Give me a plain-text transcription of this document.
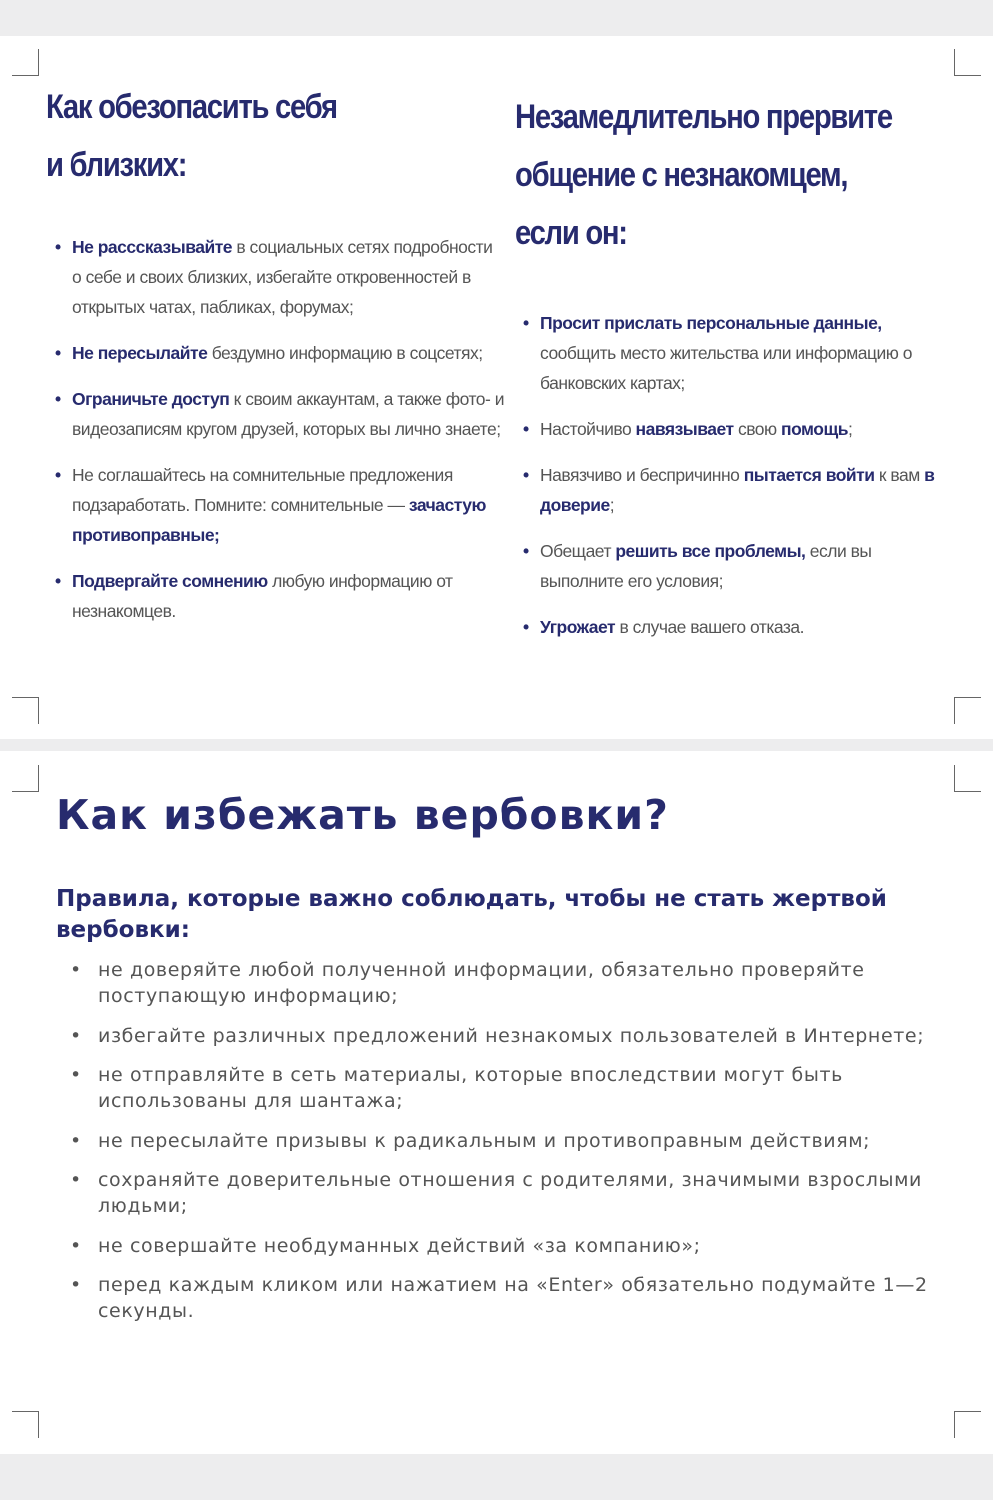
Как обезопасить себя
и близких:
• Не расссказывайте в социальных сетях подробности о себе и своих близких, избегайте откровенностей в открытых чатах, пабликах, форумах;
• Не пересылайте бездумно информацию в соцсетях;
• Ограничьте доступ к своим аккаунтам, а также фото- и видеозаписям кругом друзей, которых вы лично знаете;
• Не соглашайтесь на сомнительные предложения подзаработать. Помните: сомнительные — зачастую противоправные;
• Подвергайте сомнению любую информацию от незнакомцев.
Незамедлительно прервите
общение с незнакомцем,
если он:
• Просит прислать персональные данные, сообщить место жительства или информацию о банковских картах;
• Настойчиво навязывает свою помощь;
• Навязчиво и беспричинно пытается войти к вам в доверие;
• Обещает решить все проблемы, если вы выполните его условия;
• Угрожает в случае вашего отказа.
Как избежать вербовки?
Правила, которые важно соблюдать, чтобы не стать жертвой вербовки:
• не доверяйте любой полученной информации, обязательно проверяйте поступающую информацию;
• избегайте различных предложений незнакомых пользователей в Интернете;
• не отправляйте в сеть материалы, которые впоследствии могут быть использованы для шантажа;
• не пересылайте призывы к радикальным и противоправным действиям;
• сохраняйте доверительные отношения с родителями, значимыми взрослыми людьми;
• не совершайте необдуманных действий «за компанию»;
• перед каждым кликом или нажатием на «Enter» обязательно подумайте 1—2 секунды.
